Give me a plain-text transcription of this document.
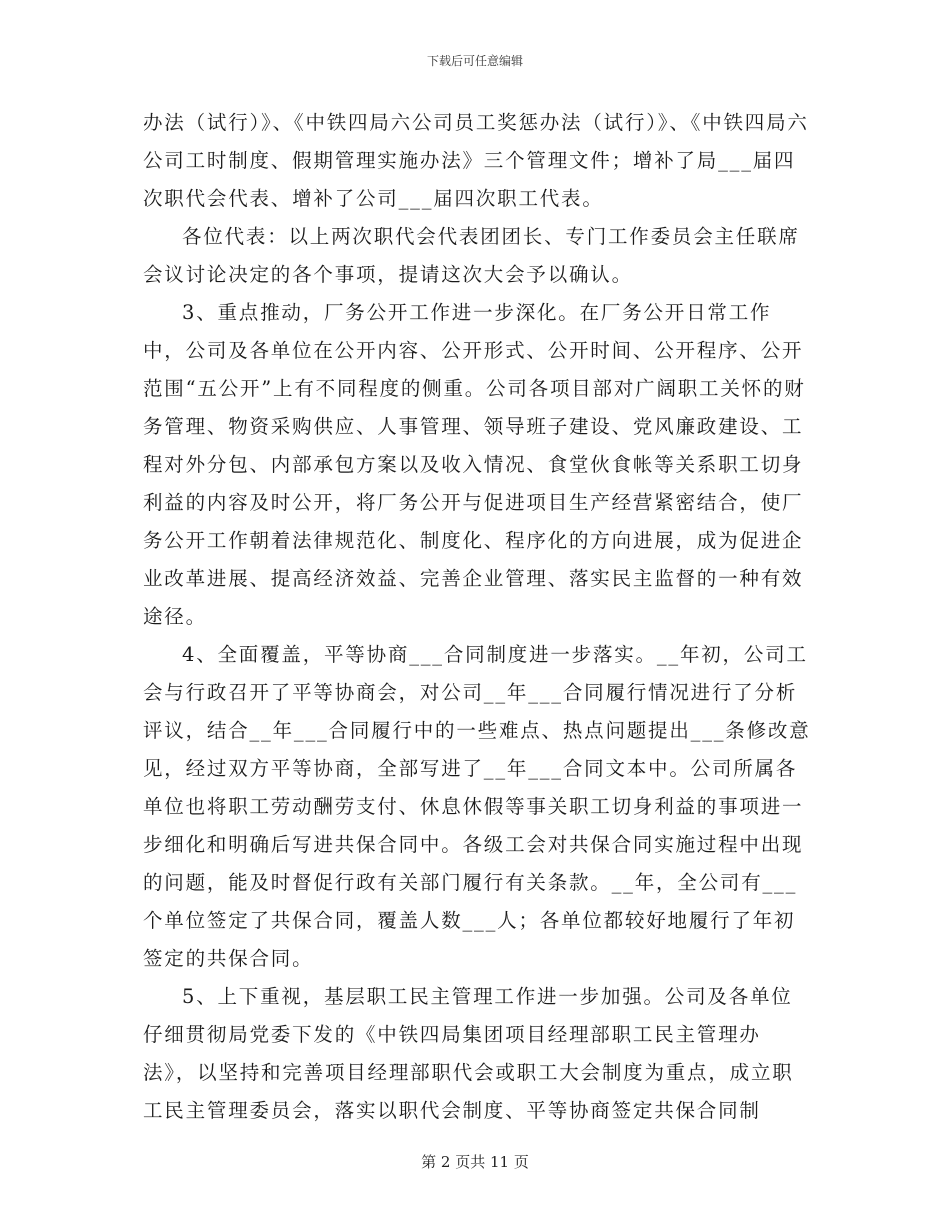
下载后可任意编辑

办法（试行）》、《中铁四局六公司员工奖惩办法（试行）》、《中铁四局六公司工时制度、假期管理实施办法》三个管理文件；增补了局___届四次职代会代表、增补了公司___届四次职工代表。

各位代表：以上两次职代会代表团团长、专门工作委员会主任联席会议讨论决定的各个事项，提请这次大会予以确认。

3、重点推动，厂务公开工作进一步深化。在厂务公开日常工作中，公司及各单位在公开内容、公开形式、公开时间、公开程序、公开范围“五公开”上有不同程度的侧重。公司各项目部对广阔职工关怀的财务管理、物资采购供应、人事管理、领导班子建设、党风廉政建设、工程对外分包、内部承包方案以及收入情况、食堂伙食帐等关系职工切身利益的内容及时公开，将厂务公开与促进项目生产经营紧密结合，使厂务公开工作朝着法律规范化、制度化、程序化的方向进展，成为促进企业改革进展、提高经济效益、完善企业管理、落实民主监督的一种有效途径。

4、全面覆盖，平等协商___合同制度进一步落实。__年初，公司工会与行政召开了平等协商会，对公司__年___合同履行情况进行了分析评议，结合__年___合同履行中的一些难点、热点问题提出___条修改意见，经过双方平等协商，全部写进了__年___合同文本中。公司所属各单位也将职工劳动酬劳支付、休息休假等事关职工切身利益的事项进一步细化和明确后写进共保合同中。各级工会对共保合同实施过程中出现的问题，能及时督促行政有关部门履行有关条款。__年，全公司有___个单位签定了共保合同，覆盖人数___人；各单位都较好地履行了年初签定的共保合同。

5、上下重视，基层职工民主管理工作进一步加强。公司及各单位仔细贯彻局党委下发的《中铁四局集团项目经理部职工民主管理办法》，以坚持和完善项目经理部职代会或职工大会制度为重点，成立职工民主管理委员会，落实以职代会制度、平等协商签定共保合同制

第 2 页共 11 页
